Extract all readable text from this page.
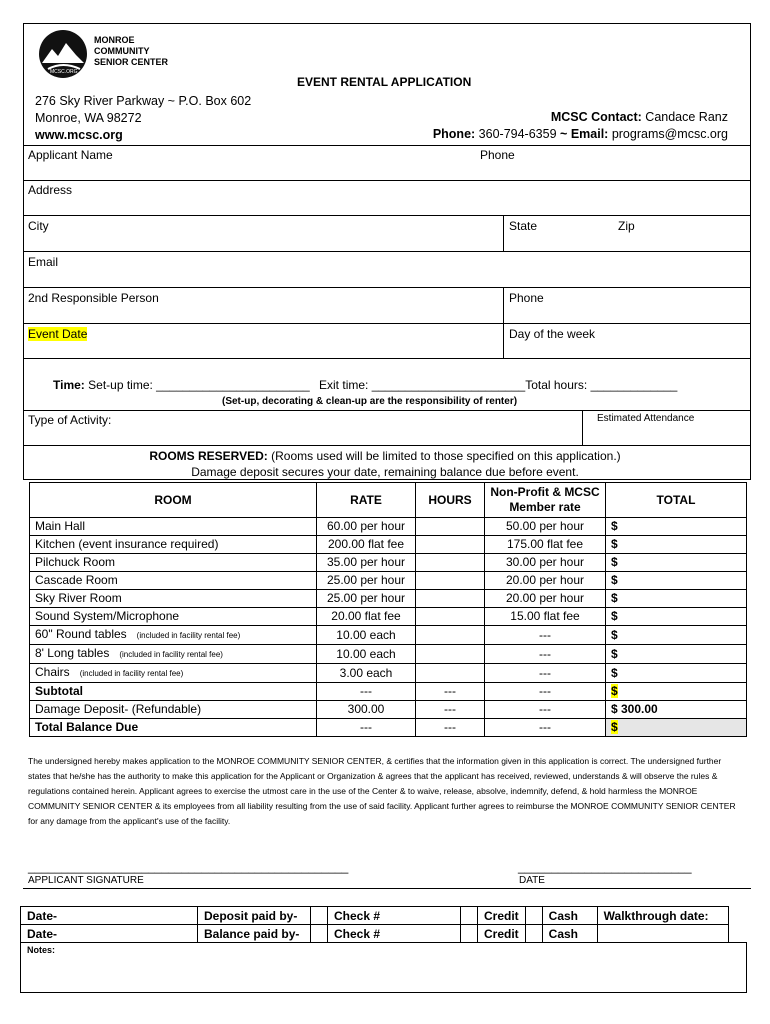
MONROE
COMMUNITY
SENIOR CENTER
MCSC.ORG
EVENT RENTAL APPLICATION
276 Sky River Parkway ~ P.O. Box 602
Monroe, WA 98272
www.mcsc.org
MCSC Contact: Candace Ranz
Phone: 360-794-6359 ~ Email: programs@mcsc.org
Applicant Name	Phone
Address
City	State	Zip
Email
2nd Responsible Person	Phone
Event Date	Day of the week
Time: Set-up time: _______________________ Exit time: _______________________Total hours: _____________
(Set-up, decorating & clean-up are the responsibility of renter)
Type of Activity:	Estimated Attendance
ROOMS RESERVED: (Rooms used will be limited to those specified on this application.)
Damage deposit secures your date, remaining balance due before event.
ROOM	RATE	HOURS	Non-Profit & MCSC
Member rate	TOTAL
Main Hall	60.00 per hour		50.00 per hour	$
Kitchen (event insurance required)	200.00 flat fee		175.00 flat fee	$
Pilchuck Room	35.00 per hour		30.00 per hour	$
Cascade Room	25.00 per hour		20.00 per hour	$
Sky River Room	25.00 per hour		20.00 per hour	$
Sound System/Microphone	20.00 flat fee		15.00 flat fee	$
60" Round tables (included in facility rental fee)	10.00 each		---	$
8' Long tables (included in facility rental fee)	10.00 each		---	$
Chairs (included in facility rental fee)	3.00 each		---	$
Subtotal	---	---	---	$
Damage Deposit- (Refundable)	300.00	---	---	$ 300.00
Total Balance Due	---	---	---	$
The undersigned hereby makes application to the MONROE COMMUNITY SENIOR CENTER, & certifies that the information given in this application is correct. The undersigned further states that he/she has the authority to make this application for the Applicant or Organization & agrees that the applicant has received, reviewed, understands & will observe the rules & regulations contained herein. Applicant agrees to exercise the utmost care in the use of the Center & to waive, release, absolve, indemnify, defend, & hold harmless the MONROE COMMUNITY SENIOR CENTER & its employees from all liability resulting from the use of said facility. Applicant further agrees to reimburse the MONROE COMMUNITY SENIOR CENTER for any damage from the applicant's use of the facility.
________________________________________________
APPLICANT SIGNATURE
__________________________
DATE
Date-	Deposit paid by-		Check #		Credit		Cash	Walkthrough date:
Date-	Balance paid by-		Check #		Credit		Cash	
Notes:
